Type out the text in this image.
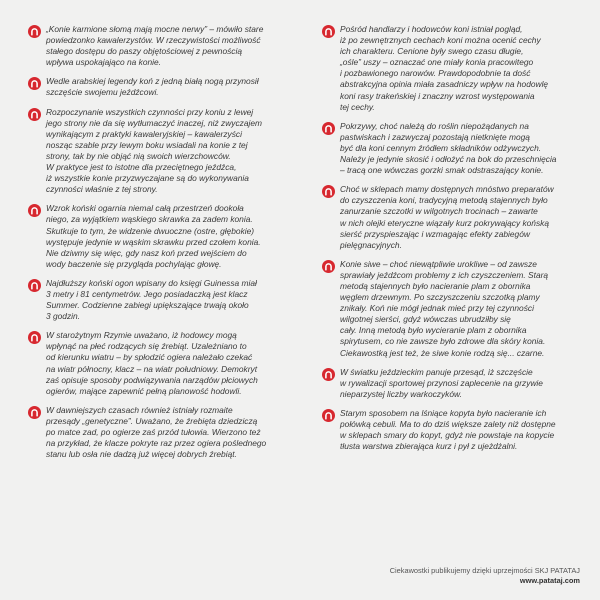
„Konie karmione słomą mają mocne nerwy” – mówiło stare
powiedzonko kawalerzystów. W rzeczywistości możliwość
stałego dostępu do paszy objętościowej z pewnością
wpływa uspokajająco na konie.
Wedle arabskiej legendy koń z jedną białą nogą przynosił
szczęście swojemu jeźdźcowi.
Rozpoczynanie wszystkich czynności przy koniu z lewej
jego strony nie da się wytłumaczyć inaczej, niż zwyczajem
wynikającym z praktyki kawaleryjskiej – kawalerzyści
nosząc szable przy lewym boku wsiadali na konie z tej
strony, tak by nie objąć nią swoich wierzchowców.
W praktyce jest to istotne dla przeciętnego jeźdźca,
iż wszystkie konie przyzwyczajane są do wykonywania
czynności właśnie z tej strony.
Wzrok koński ogarnia niemal całą przestrzeń dookoła
niego, za wyjątkiem wąskiego skrawka za zadem konia.
Skutkuje to tym, że widzenie dwuoczne (ostre, głębokie)
występuje jedynie w wąskim skrawku przed czołem konia.
Nie dziwmy się więc, gdy nasz koń przed wejściem do
wody baczenie się przygląda pochylając głowę.
Najdłuższy koński ogon wpisany do księgi Guinessa miał
3 metry i 81 centymetrów. Jego posiadaczką jest klacz
Summer. Codzienne zabiegi upiększające trwają około
3 godzin.
W starożytnym Rzymie uważano, iż hodowcy mogą
wpłynąć na płeć rodzących się źrebiąt. Uzależniano to
od kierunku wiatru – by spłodzić ogiera należało czekać
na wiatr północny, klacz – na wiatr południowy. Demokryt
zaś opisuje sposoby podwiązywania narządów płciowych
ogierów, mające zapewnić pełną planowość hodowli.
W dawniejszych czasach również istniały rozmaite
przesądy „genetyczne”. Uważano, że źrebięta dziedziczą
po matce zad, po ogierze zaś przód tułowia. Wierzono też
na przykład, że klacze pokryte raz przez ogiera poślednego
stanu lub osła nie dadzą już więcej dobrych źrebiąt.
Pośród handlarzy i hodowców koni istniał pogląd,
iż po zewnętrznych cechach koni można ocenić cechy
ich charakteru. Cenione były swego czasu długie,
„ośle” uszy – oznaczać one miały konia pracowitego
i pozbawionego narowów. Prawdopodobnie ta dość
abstrakcyjna opinia miała zasadniczy wpływ na hodowlę
koni rasy trakeńskiej i znaczny wzrost występowania
tej cechy.
Pokrzywy, choć należą do roślin niepożądanych na
pastwiskach i zazwyczaj pozostają nietknięte mogą
być dla koni cennym źródłem składników odżywczych.
Należy je jedynie skosić i odłożyć na bok do przeschnięcia
– tracą one wówczas gorzki smak odstraszający konie.
Choć w sklepach mamy dostępnych mnóstwo preparatów
do czyszczenia koni, tradycyjną metodą stajennych było
zanurzanie szczotki w wilgotnych trocinach – zawarte
w nich olejki eteryczne wiązały kurz pokrywający końską
sierść przyspieszając i wzmagając efekty zabiegów
pielęgnacyjnych.
Konie siwe – choć niewątpliwie urokliwe – od zawsze
sprawiały jeźdźcom problemy z ich czyszczeniem. Starą
metodą stajennych było nacieranie plam z obornika
węglem drzewnym. Po szczyszczeniu szczotką plamy
znikały. Koń nie mógł jednak mieć przy tej czynności
wilgotnej sierści, gdyż wówczas ubrudziłby się
cały. Inną metodą było wycieranie plam z obornika
spirytusem, co nie zawsze było zdrowe dla skóry konia.
Ciekawostką jest też, że siwe konie rodzą się... czarne.
W światku jeździeckim panuje przesąd, iż szczęście
w rywalizacji sportowej przynosi zaplecenie na grzywie
nieparzystej liczby warkoczyków.
Starym sposobem na lśniące kopyta było nacieranie ich
połówką cebuli. Ma to do dziś większe zalety niż dostępne
w sklepach smary do kopyt, gdyż nie powstaje na kopycie
tłusta warstwa zbierająca kurz i pył z ujeżdżalni.
Ciekawostki publikujemy dzięki uprzejmości SKJ PATATAJ
www.patataj.com
